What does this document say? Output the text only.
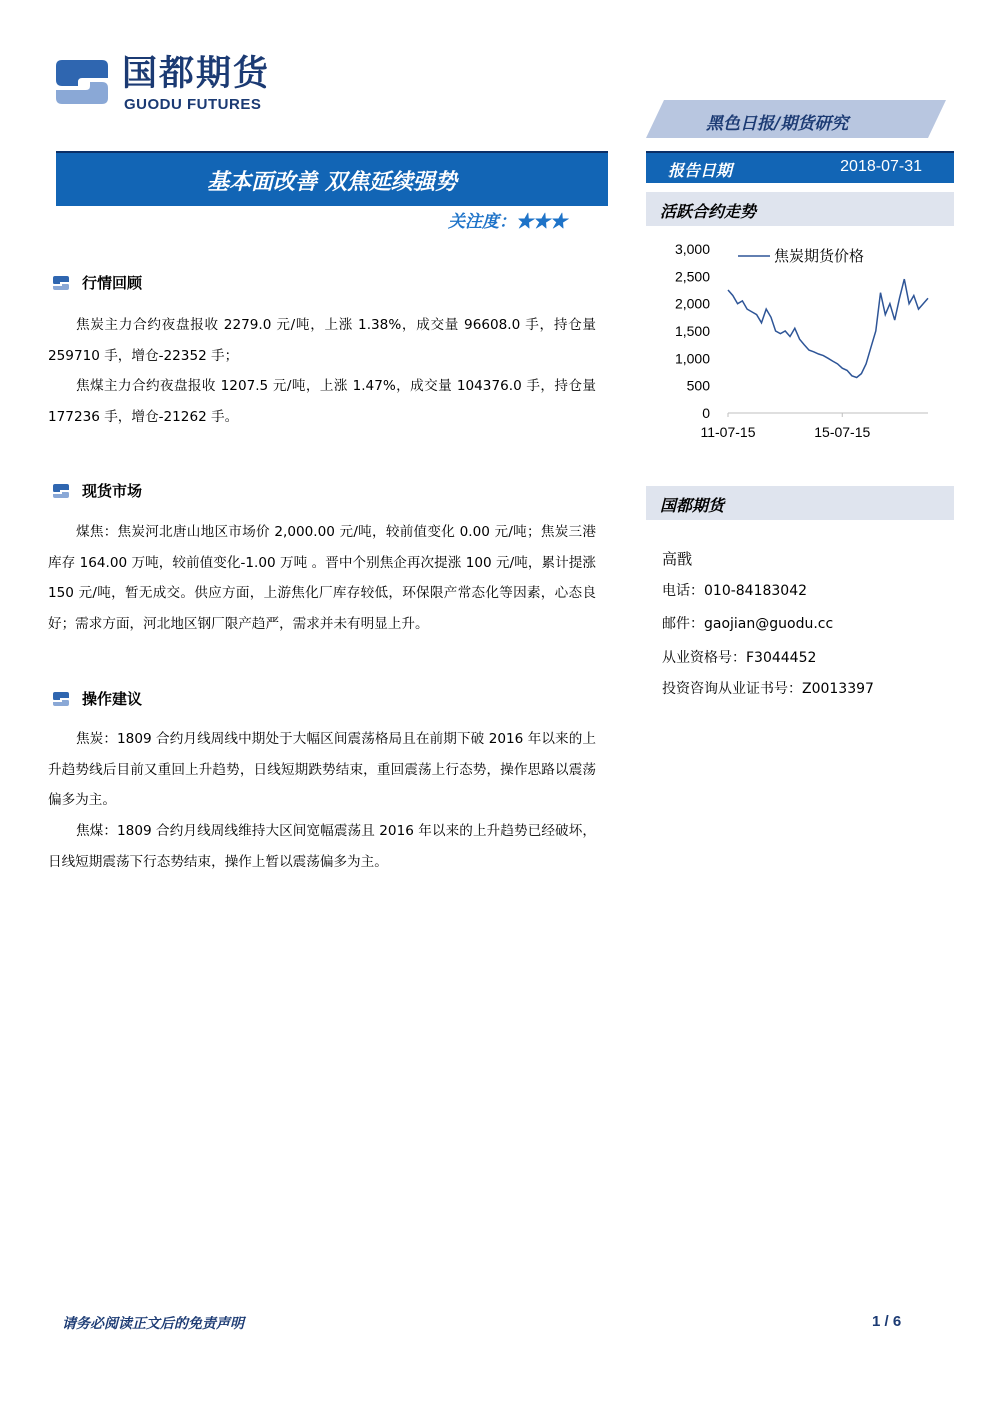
国都期货
GUODU FUTURES
黑色日报/期货研究
基本面改善 双焦延续强势
关注度：★★★
报告日期	2018-07-31
活跃合约走势
3,000
2,500
2,000
1,500
1,000
500
0
11-07-15	15-07-15
焦炭期货价格
国都期货
高戬
电话：010-84183042
邮件：gaojian@guodu.cc
从业资格号：F3044452
投资咨询从业证书号：Z0013397
行情回顾
焦炭主力合约夜盘报收 2279.0 元/吨，上涨 1.38%，成交量 96608.0 手，持仓量 259710 手，增仓-22352 手；
焦煤主力合约夜盘报收 1207.5 元/吨，上涨 1.47%，成交量 104376.0 手，持仓量 177236 手，增仓-21262 手。
现货市场
煤焦：焦炭河北唐山地区市场价 2,000.00 元/吨，较前值变化 0.00 元/吨；焦炭三港库存 164.00 万吨，较前值变化-1.00 万吨 。晋中个别焦企再次提涨 100 元/吨，累计提涨 150 元/吨，暂无成交。供应方面，上游焦化厂库存较低，环保限产常态化等因素，心态良好；需求方面，河北地区钢厂限产趋严，需求并未有明显上升。
操作建议
焦炭：1809 合约月线周线中期处于大幅区间震荡格局且在前期下破 2016 年以来的上升趋势线后目前又重回上升趋势，日线短期跌势结束，重回震荡上行态势，操作思路以震荡偏多为主。
焦煤：1809 合约月线周线维持大区间宽幅震荡且 2016 年以来的上升趋势已经破坏，日线短期震荡下行态势结束，操作上暂以震荡偏多为主。
请务必阅读正文后的免责声明	1 / 6
